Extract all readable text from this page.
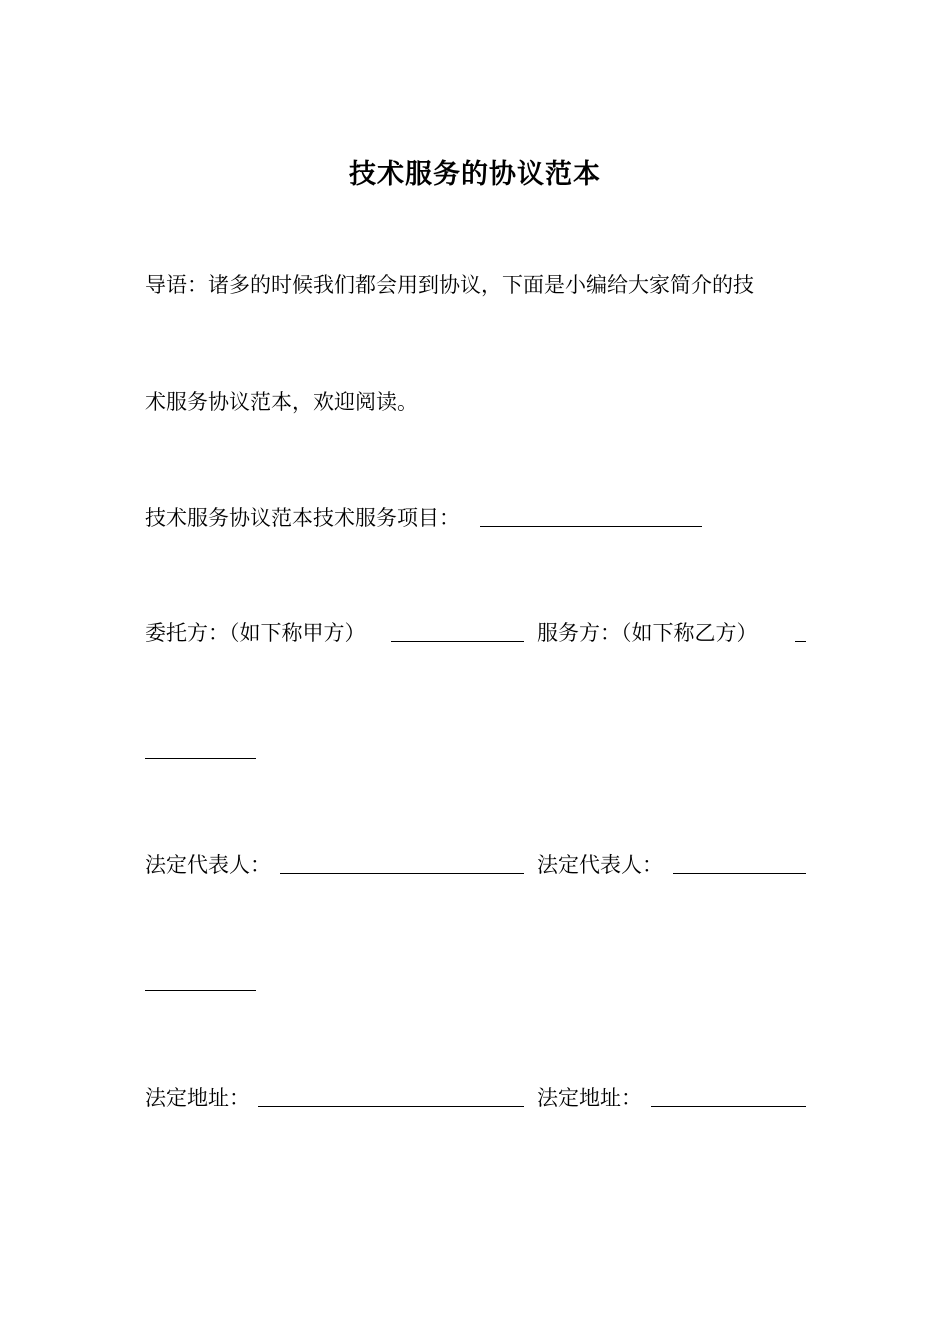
技术服务的协议范本
导语：诸多的时候我们都会用到协议，下面是小编给大家简介的技
术服务协议范本，欢迎阅读。
技术服务协议范本技术服务项目：
委托方：（如下称甲方）	服务方：（如下称乙方）
法定代表人：	法定代表人：
法定地址：	法定地址：
